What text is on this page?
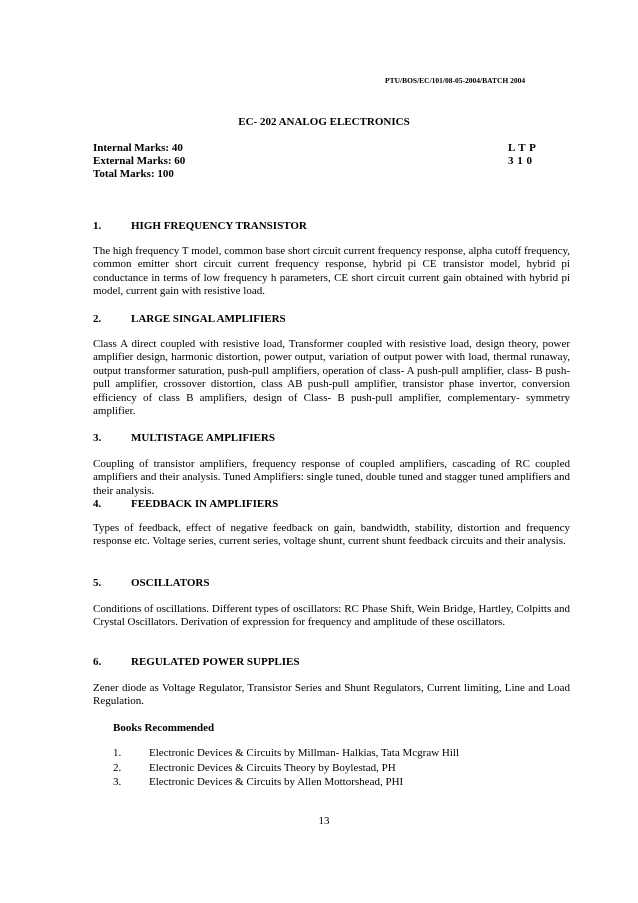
PTU/BOS/EC/101/08-05-2004/BATCH 2004
EC- 202 ANALOG ELECTRONICS
Internal Marks: 40
External Marks: 60
Total Marks: 100
L T P
3 1 0
1.	HIGH FREQUENCY TRANSISTOR
The high frequency T model, common base short circuit current frequency response, alpha cutoff frequency, common emitter short circuit current frequency response, hybrid pi CE transistor model, hybrid pi conductance in terms of low frequency h parameters, CE short circuit current gain obtained with hybrid pi model, current gain with resistive load.
2.	LARGE SINGAL AMPLIFIERS
Class A direct coupled with resistive load, Transformer coupled with resistive load, design theory, power amplifier design, harmonic distortion, power output, variation of output power with load, thermal runaway, output transformer saturation, push-pull amplifiers, operation of class- A push-pull amplifier, class- B push-pull amplifier, crossover distortion, class AB push-pull amplifier, transistor phase invertor, conversion efficiency of class B amplifiers, design of Class- B push-pull amplifier, complementary- symmetry amplifier.
3.	MULTISTAGE AMPLIFIERS
Coupling of transistor amplifiers, frequency response of coupled amplifiers, cascading of RC coupled amplifiers and their analysis. Tuned Amplifiers: single tuned, double tuned and stagger tuned amplifiers and their analysis.
4.	FEEDBACK IN AMPLIFIERS
Types of feedback, effect of negative feedback on gain, bandwidth, stability, distortion and frequency response etc. Voltage series, current series, voltage shunt, current shunt feedback circuits and their analysis.
5.	OSCILLATORS
Conditions of oscillations. Different types of oscillators: RC Phase Shift, Wein Bridge, Hartley, Colpitts and Crystal Oscillators. Derivation of expression for frequency and amplitude of these oscillators.
6.	REGULATED POWER SUPPLIES
Zener diode as Voltage Regulator, Transistor Series and Shunt Regulators, Current limiting, Line and Load Regulation.
Books Recommended
1.	Electronic Devices & Circuits by Millman- Halkias, Tata Mcgraw Hill
2.	Electronic Devices & Circuits Theory by Boylestad, PH
3.	Electronic Devices & Circuits by Allen Mottorshead, PHI
13
